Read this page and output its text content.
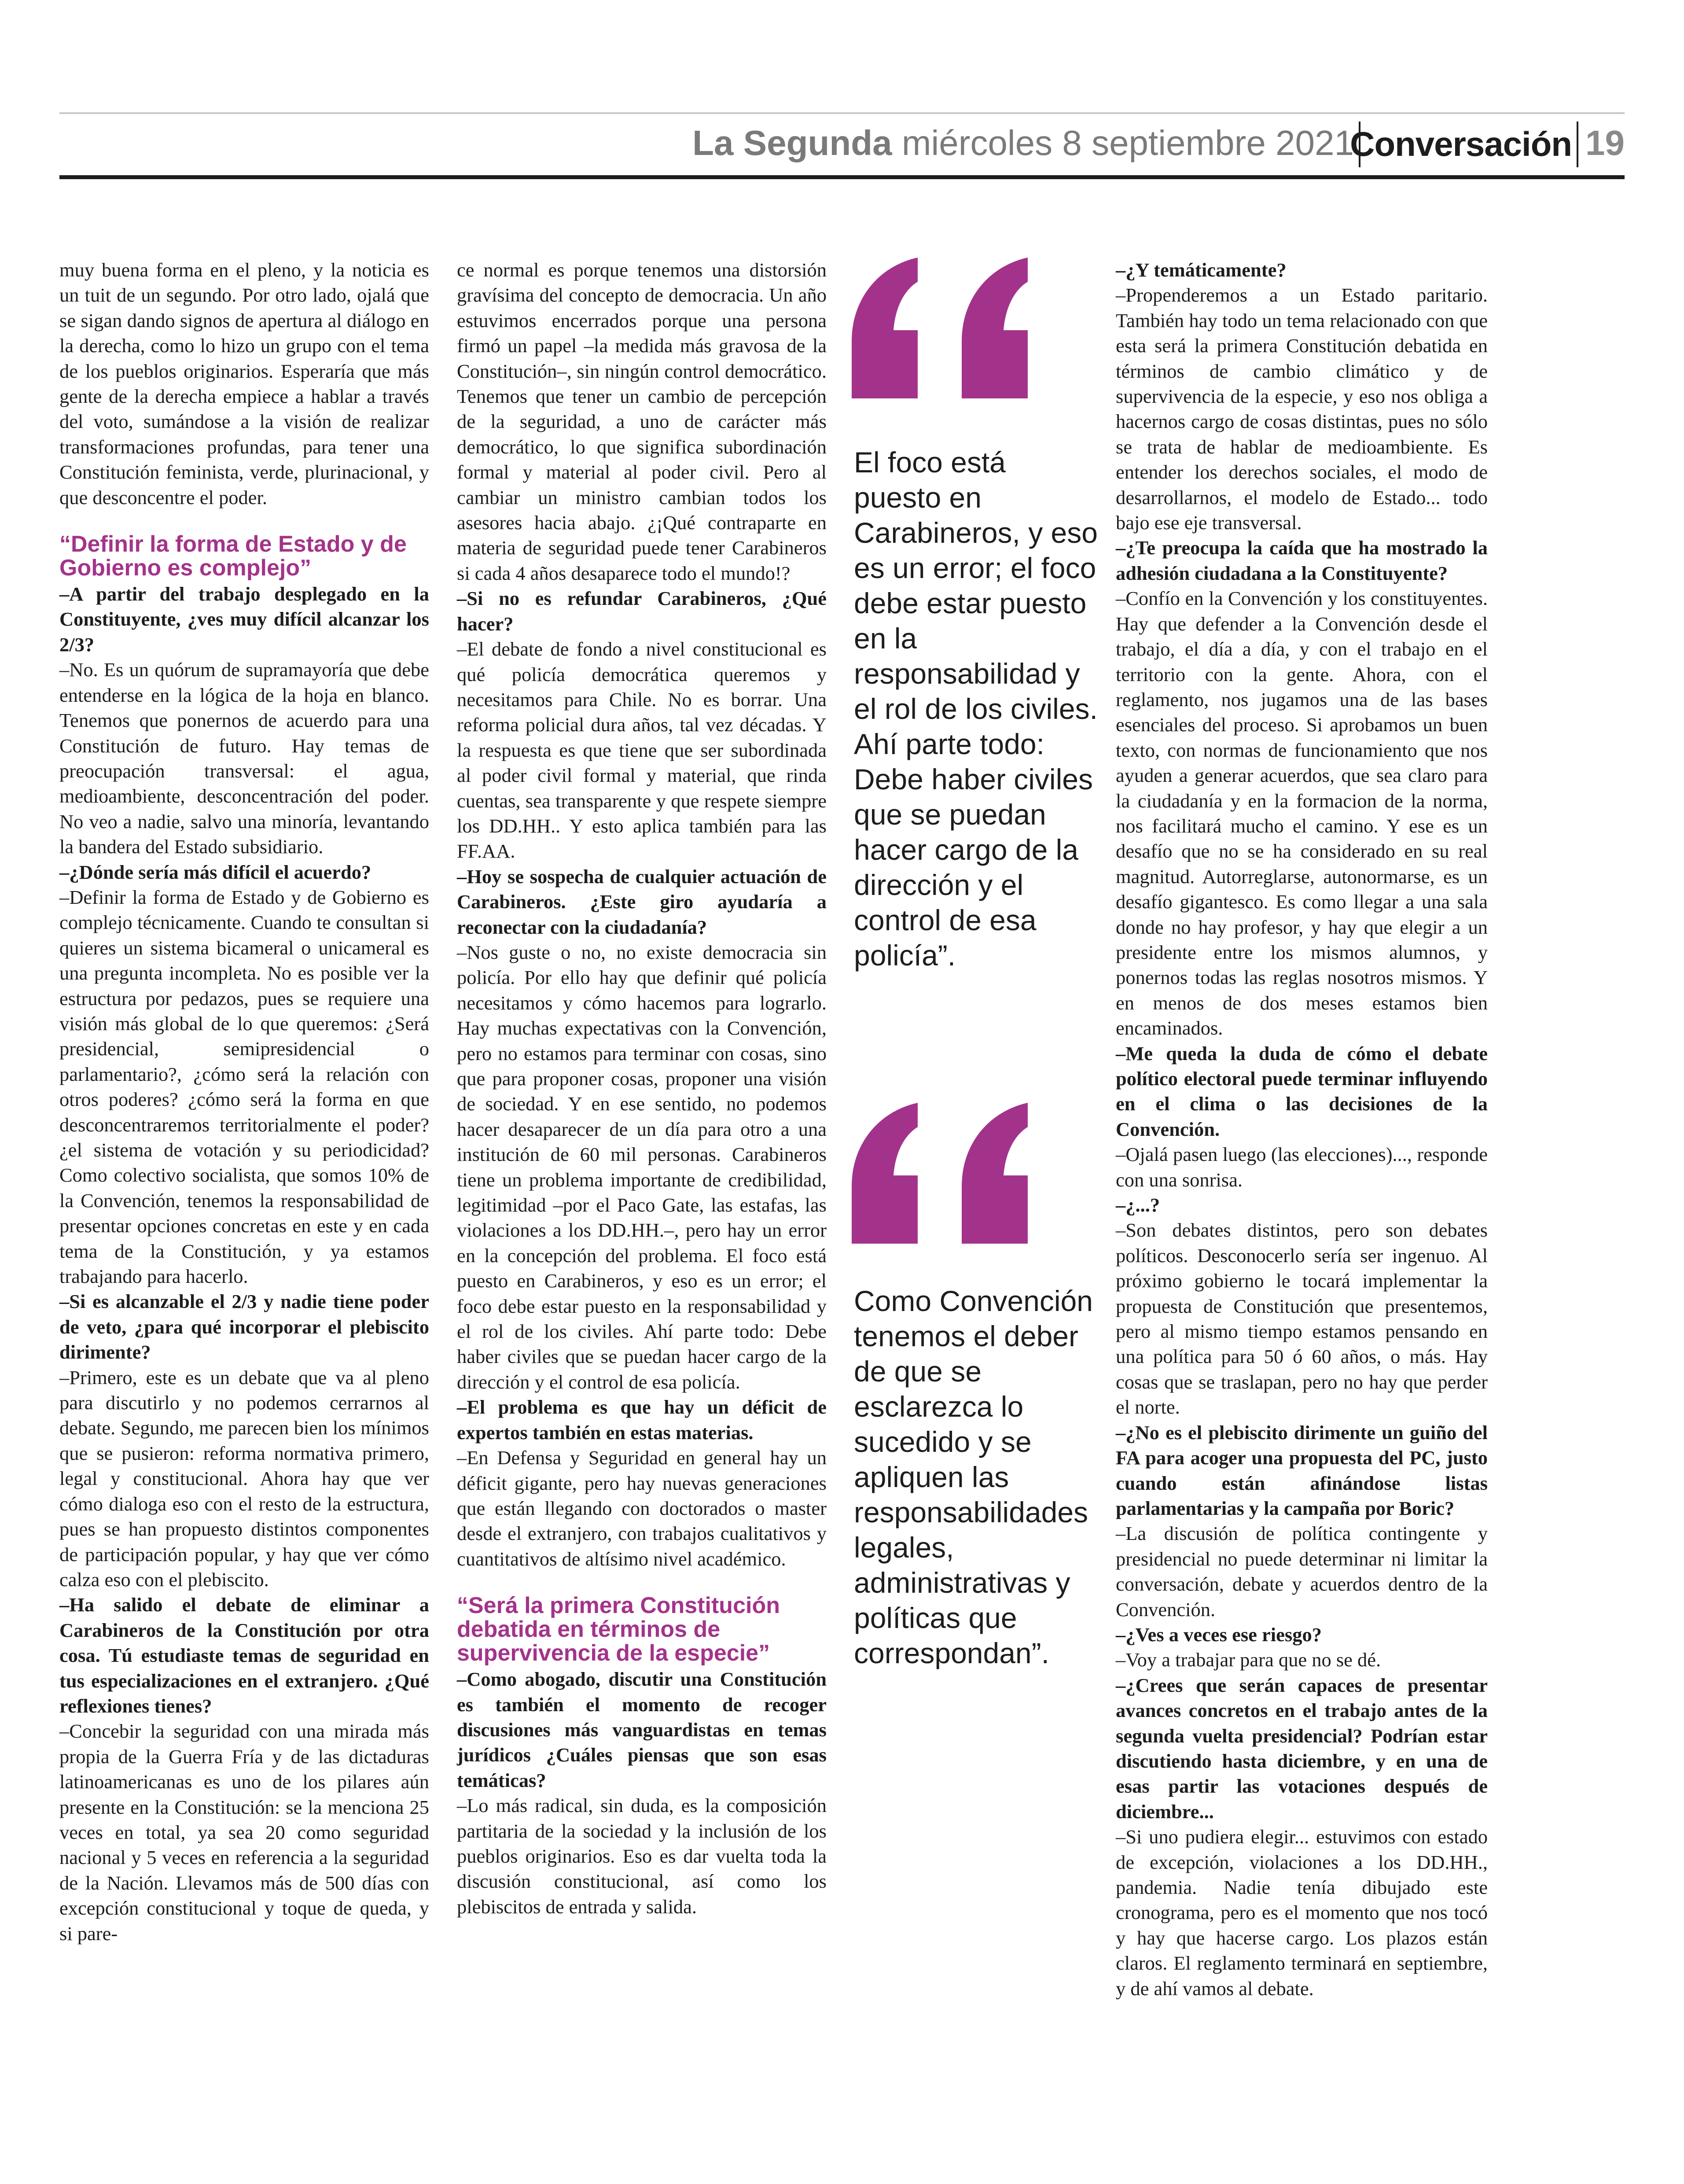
La Segunda miércoles 8 septiembre 2021
Conversación 19

muy buena forma en el pleno, y la noticia es un tuit de un segundo. Por otro lado, ojalá que se sigan dando signos de apertura al diálogo en la derecha, como lo hizo un grupo con el tema de los pueblos originarios. Esperaría que más gente de la derecha empiece a hablar a través del voto, sumándose a la visión de realizar transformaciones profundas, para tener una Constitución feminista, verde, plurinacional, y que desconcentre el poder.

“Definir la forma de Estado y de Gobierno es complejo”

–A partir del trabajo desplegado en la Constituyente, ¿ves muy difícil alcanzar los 2/3?

–No. Es un quórum de supramayoría que debe entenderse en la lógica de la hoja en blanco. Tenemos que ponernos de acuerdo para una Constitución de futuro. Hay temas de preocupación transversal: el agua, medioambiente, desconcentración del poder. No veo a nadie, salvo una minoría, levantando la bandera del Estado subsidiario.

–¿Dónde sería más difícil el acuerdo?

–Definir la forma de Estado y de Gobierno es complejo técnicamente. Cuando te consultan si quieres un sistema bicameral o unicameral es una pregunta incompleta. No es posible ver la estructura por pedazos, pues se requiere una visión más global de lo que queremos: ¿Será presidencial, semipresidencial o parlamentario?, ¿cómo será la relación con otros poderes? ¿cómo será la forma en que desconcentraremos territorialmente el poder? ¿el sistema de votación y su periodicidad? Como colectivo socialista, que somos 10% de la Convención, tenemos la responsabilidad de presentar opciones concretas en este y en cada tema de la Constitución, y ya estamos trabajando para hacerlo.

–Si es alcanzable el 2/3 y nadie tiene poder de veto, ¿para qué incorporar el plebiscito dirimente?

–Primero, este es un debate que va al pleno para discutirlo y no podemos cerrarnos al debate. Segundo, me parecen bien los mínimos que se pusieron: reforma normativa primero, legal y constitucional. Ahora hay que ver cómo dialoga eso con el resto de la estructura, pues se han propuesto distintos componentes de participación popular, y hay que ver cómo calza eso con el plebiscito.

–Ha salido el debate de eliminar a Carabineros de la Constitución por otra cosa. Tú estudiaste temas de seguridad en tus especializaciones en el extranjero. ¿Qué reflexiones tienes?

–Concebir la seguridad con una mirada más propia de la Guerra Fría y de las dictaduras latinoamericanas es uno de los pilares aún presente en la Constitución: se la menciona 25 veces en total, ya sea 20 como seguridad nacional y 5 veces en referencia a la seguridad de la Nación. Llevamos más de 500 días con excepción constitucional y toque de queda, y si pare-

ce normal es porque tenemos una distorsión gravísima del concepto de democracia. Un año estuvimos encerrados porque una persona firmó un papel –la medida más gravosa de la Constitución–, sin ningún control democrático. Tenemos que tener un cambio de percepción de la seguridad, a uno de carácter más democrático, lo que significa subordinación formal y material al poder civil. Pero al cambiar un ministro cambian todos los asesores hacia abajo. ¿¡Qué contraparte en materia de seguridad puede tener Carabineros si cada 4 años desaparece todo el mundo!?

–Si no es refundar Carabineros, ¿Qué hacer?

–El debate de fondo a nivel constitucional es qué policía democrática queremos y necesitamos para Chile. No es borrar. Una reforma policial dura años, tal vez décadas. Y la respuesta es que tiene que ser subordinada al poder civil formal y material, que rinda cuentas, sea transparente y que respete siempre los DD.HH.. Y esto aplica también para las FF.AA.

–Hoy se sospecha de cualquier actuación de Carabineros. ¿Este giro ayudaría a reconectar con la ciudadanía?

–Nos guste o no, no existe democracia sin policía. Por ello hay que definir qué policía necesitamos y cómo hacemos para lograrlo. Hay muchas expectativas con la Convención, pero no estamos para terminar con cosas, sino que para proponer cosas, proponer una visión de sociedad. Y en ese sentido, no podemos hacer desaparecer de un día para otro a una institución de 60 mil personas. Carabineros tiene un problema importante de credibilidad, legitimidad –por el Paco Gate, las estafas, las violaciones a los DD.HH.–, pero hay un error en la concepción del problema. El foco está puesto en Carabineros, y eso es un error; el foco debe estar puesto en la responsabilidad y el rol de los civiles. Ahí parte todo: Debe haber civiles que se puedan hacer cargo de la dirección y el control de esa policía.

–El problema es que hay un déficit de expertos también en estas materias.

–En Defensa y Seguridad en general hay un déficit gigante, pero hay nuevas generaciones que están llegando con doctorados o master desde el extranjero, con trabajos cualitativos y cuantitativos de altísimo nivel académico.

“Será la primera Constitución debatida en términos de supervivencia de la especie”

–Como abogado, discutir una Constitución es también el momento de recoger discusiones más vanguardistas en temas jurídicos ¿Cuáles piensas que son esas temáticas?

–Lo más radical, sin duda, es la composición partitaria de la sociedad y la inclusión de los pueblos originarios. Eso es dar vuelta toda la discusión constitucional, así como los plebiscitos de entrada y salida.

El foco está puesto en Carabineros, y eso es un error; el foco debe estar puesto en la responsabilidad y el rol de los civiles. Ahí parte todo: Debe haber civiles que se puedan hacer cargo de la dirección y el control de esa policía”.
Como Convención tenemos el deber de que se esclarezca lo sucedido y se apliquen las responsabilidades legales, administrativas y políticas que correspondan”.

–¿Y temáticamente?

–Propenderemos a un Estado paritario. También hay todo un tema relacionado con que esta será la primera Constitución debatida en términos de cambio climático y de supervivencia de la especie, y eso nos obliga a hacernos cargo de cosas distintas, pues no sólo se trata de hablar de medioambiente. Es entender los derechos sociales, el modo de desarrollarnos, el modelo de Estado... todo bajo ese eje transversal.

–¿Te preocupa la caída que ha mostrado la adhesión ciudadana a la Constituyente?

–Confío en la Convención y los constituyentes. Hay que defender a la Convención desde el trabajo, el día a día, y con el trabajo en el territorio con la gente. Ahora, con el reglamento, nos jugamos una de las bases esenciales del proceso. Si aprobamos un buen texto, con normas de funcionamiento que nos ayuden a generar acuerdos, que sea claro para la ciudadanía y en la formacion de la norma, nos facilitará mucho el camino. Y ese es un desafío que no se ha considerado en su real magnitud. Autorreglarse, autonormarse, es un desafío gigantesco. Es como llegar a una sala donde no hay profesor, y hay que elegir a un presidente entre los mismos alumnos, y ponernos todas las reglas nosotros mismos. Y en menos de dos meses estamos bien encaminados.

–Me queda la duda de cómo el debate político electoral puede terminar influyendo en el clima o las decisiones de la Convención.

–Ojalá pasen luego (las elecciones)..., responde con una sonrisa.

–¿...?

–Son debates distintos, pero son debates políticos. Desconocerlo sería ser ingenuo. Al próximo gobierno le tocará implementar la propuesta de Constitución que presentemos, pero al mismo tiempo estamos pensando en una política para 50 ó 60 años, o más. Hay cosas que se traslapan, pero no hay que perder el norte.

–¿No es el plebiscito dirimente un guiño del FA para acoger una propuesta del PC, justo cuando están afinándose listas parlamentarias y la campaña por Boric?

–La discusión de política contingente y presidencial no puede determinar ni limitar la conversación, debate y acuerdos dentro de la Convención.

–¿Ves a veces ese riesgo?

–Voy a trabajar para que no se dé.

–¿Crees que serán capaces de presentar avances concretos en el trabajo antes de la segunda vuelta presidencial? Podrían estar discutiendo hasta diciembre, y en una de esas partir las votaciones después de diciembre...

–Si uno pudiera elegir... estuvimos con estado de excepción, violaciones a los DD.HH., pandemia. Nadie tenía dibujado este cronograma, pero es el momento que nos tocó y hay que hacerse cargo. Los plazos están claros. El reglamento terminará en septiembre, y de ahí vamos al debate.
